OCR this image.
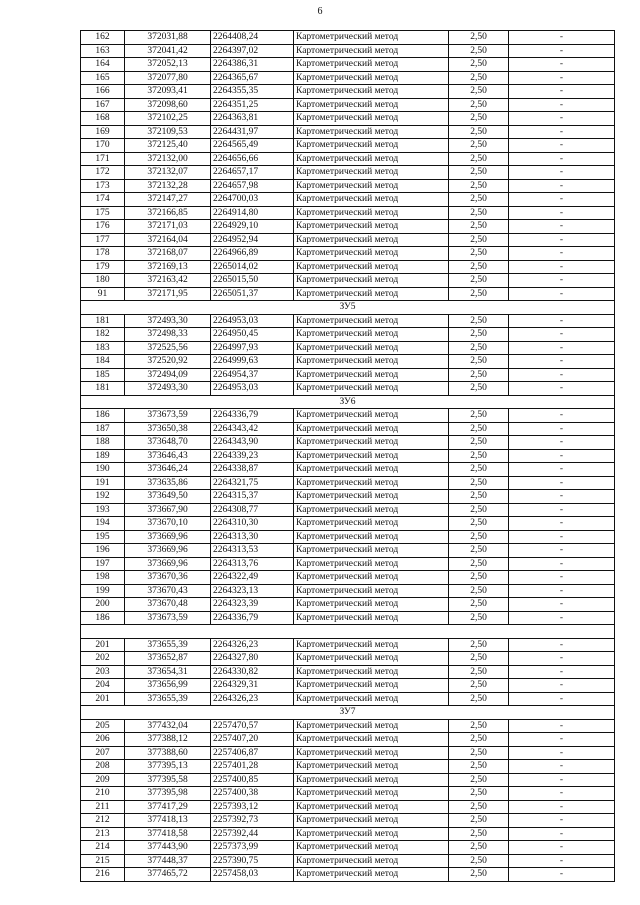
6
162	372031,88	2264408,24	Картометрический метод	2,50	-
163	372041,42	2264397,02	Картометрический метод	2,50	-
164	372052,13	2264386,31	Картометрический метод	2,50	-
165	372077,80	2264365,67	Картометрический метод	2,50	-
166	372093,41	2264355,35	Картометрический метод	2,50	-
167	372098,60	2264351,25	Картометрический метод	2,50	-
168	372102,25	2264363,81	Картометрический метод	2,50	-
169	372109,53	2264431,97	Картометрический метод	2,50	-
170	372125,40	2264565,49	Картометрический метод	2,50	-
171	372132,00	2264656,66	Картометрический метод	2,50	-
172	372132,07	2264657,17	Картометрический метод	2,50	-
173	372132,28	2264657,98	Картометрический метод	2,50	-
174	372147,27	2264700,03	Картометрический метод	2,50	-
175	372166,85	2264914,80	Картометрический метод	2,50	-
176	372171,03	2264929,10	Картометрический метод	2,50	-
177	372164,04	2264952,94	Картометрический метод	2,50	-
178	372168,07	2264966,89	Картометрический метод	2,50	-
179	372169,13	2265014,02	Картометрический метод	2,50	-
180	372163,42	2265015,50	Картометрический метод	2,50	-
91	372171,95	2265051,37	Картометрический метод	2,50	-
ЗУ5					
181	372493,30	2264953,03	Картометрический метод	2,50	-
182	372498,33	2264950,45	Картометрический метод	2,50	-
183	372525,56	2264997,93	Картометрический метод	2,50	-
184	372520,92	2264999,63	Картометрический метод	2,50	-
185	372494,09	2264954,37	Картометрический метод	2,50	-
181	372493,30	2264953,03	Картометрический метод	2,50	-
ЗУ6					
186	373673,59	2264336,79	Картометрический метод	2,50	-
187	373650,38	2264343,42	Картометрический метод	2,50	-
188	373648,70	2264343,90	Картометрический метод	2,50	-
189	373646,43	2264339,23	Картометрический метод	2,50	-
190	373646,24	2264338,87	Картометрический метод	2,50	-
191	373635,86	2264321,75	Картометрический метод	2,50	-
192	373649,50	2264315,37	Картометрический метод	2,50	-
193	373667,90	2264308,77	Картометрический метод	2,50	-
194	373670,10	2264310,30	Картометрический метод	2,50	-
195	373669,96	2264313,30	Картометрический метод	2,50	-
196	373669,96	2264313,53	Картометрический метод	2,50	-
197	373669,96	2264313,76	Картометрический метод	2,50	-
198	373670,36	2264322,49	Картометрический метод	2,50	-
199	373670,43	2264323,13	Картометрический метод	2,50	-
200	373670,48	2264323,39	Картометрический метод	2,50	-
186	373673,59	2264336,79	Картометрический метод	2,50	-

201	373655,39	2264326,23	Картометрический метод	2,50	-
202	373652,87	2264327,80	Картометрический метод	2,50	-
203	373654,31	2264330,82	Картометрический метод	2,50	-
204	373656,99	2264329,31	Картометрический метод	2,50	-
201	373655,39	2264326,23	Картометрический метод	2,50	-
ЗУ7					
205	377432,04	2257470,57	Картометрический метод	2,50	-
206	377388,12	2257407,20	Картометрический метод	2,50	-
207	377388,60	2257406,87	Картометрический метод	2,50	-
208	377395,13	2257401,28	Картометрический метод	2,50	-
209	377395,58	2257400,85	Картометрический метод	2,50	-
210	377395,98	2257400,38	Картометрический метод	2,50	-
211	377417,29	2257393,12	Картометрический метод	2,50	-
212	377418,13	2257392,73	Картометрический метод	2,50	-
213	377418,58	2257392,44	Картометрический метод	2,50	-
214	377443,90	2257373,99	Картометрический метод	2,50	-
215	377448,37	2257390,75	Картометрический метод	2,50	-
216	377465,72	2257458,03	Картометрический метод	2,50	-
